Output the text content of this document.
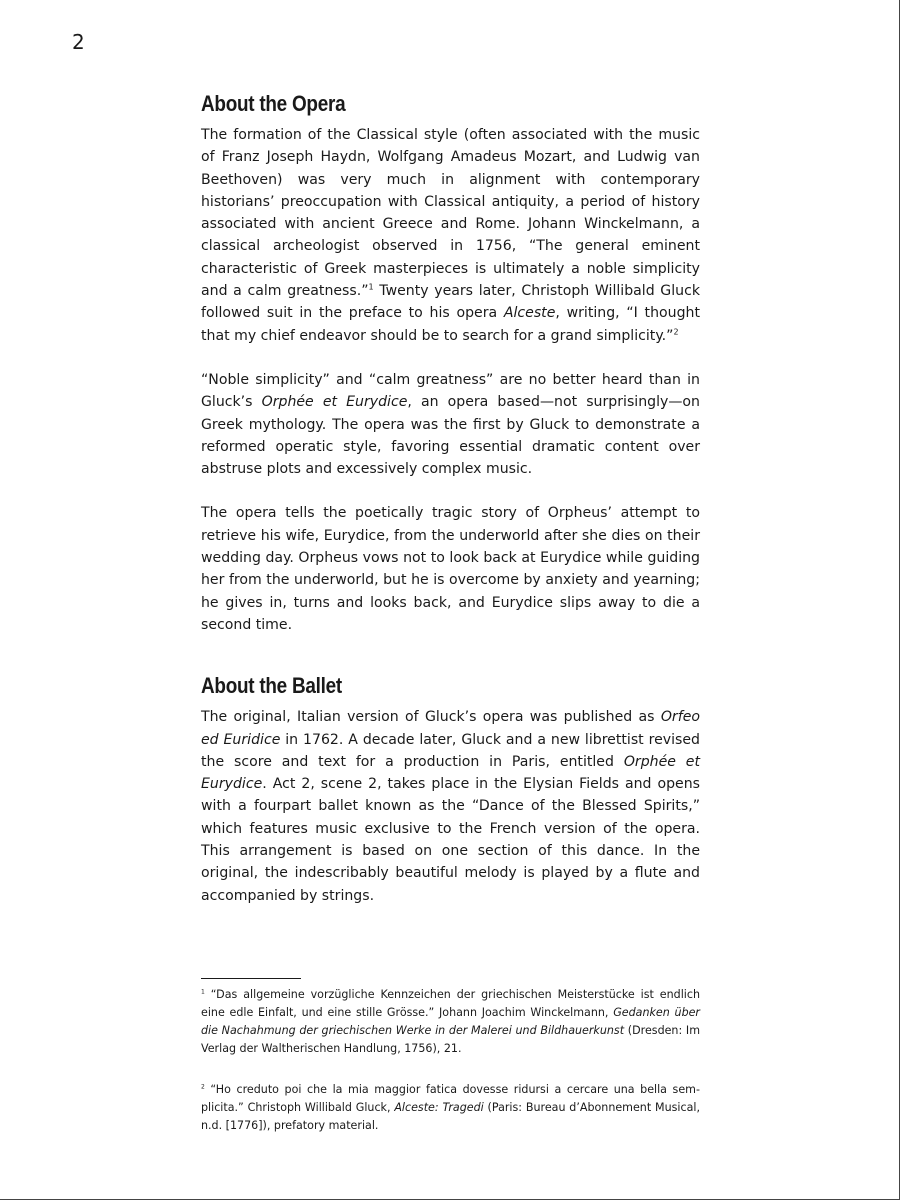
2
About the Opera

The formation of the Classical style (often associated with the music of Franz Joseph Haydn, Wolfgang Amadeus Mozart, and Ludwig van Beethoven) was very much in alignment with contemporary historians’ preoccupation with Classical antiquity, a period of history associated with ancient Greece and Rome. Johann Winckelmann, a classical archeologist observed in 1756, “The general eminent characteristic of Greek masterpieces is ultimately a noble simplicity and a calm greatness.”$^1$ Twenty years later, Christoph Willibald Gluck followed suit in the preface to his opera Alceste, writing, “I thought that my chief endeavor should be to search for a grand simplicity.”$^2$

“Noble simplicity” and “calm greatness” are no better heard than in Gluck’s Orphée et Eurydice, an opera based—not surprisingly—on Greek mythology. The opera was the first by Gluck to demonstrate a reformed operatic style, favoring essential dramatic content over abstruse plots and excessively complex music.

The opera tells the poetically tragic story of Orpheus’ attempt to retrieve his wife, Eurydice, from the underworld after she dies on their wedding day. Orpheus vows not to look back at Eurydice while guiding her from the underworld, but he is overcome by anxiety and yearning; he gives in, turns and looks back, and Eurydice slips away to die a second time.

About the Ballet

The original, Italian version of Gluck’s opera was published as Orfeo ed Euridice in 1762. A decade later, Gluck and a new librettist revised the score and text for a production in Paris, entitled Orphée et Eurydice. Act 2, scene 2, takes place in the Elysian Fields and opens with a fourpart ballet known as the “Dance of the Blessed Spirits,” which features music exclusive to the French version of the opera. This arrangement is based on one section of this dance. In the original, the indescribably beautiful melody is played by a flute and accompanied by strings.

$^1$ “Das allgemeine vorzügliche Kennzeichen der griechischen Meisterstücke ist endlich eine edle Einfalt, und eine stille Grösse.” Johann Joachim Winckelmann, Gedanken über die Nachahmung der griechischen Werke in der Malerei und Bildhauerkunst (Dresden: Im Verlag der Waltherischen Handlung, 1756), 21.

$^2$ “Ho creduto poi che la mia maggior fatica dovesse ridursi a cercare una bella semplicita.” Christoph Willibald Gluck, Alceste: Tragedi (Paris: Bureau d’Abonnement Musical, n.d. [1776]), prefatory material.
